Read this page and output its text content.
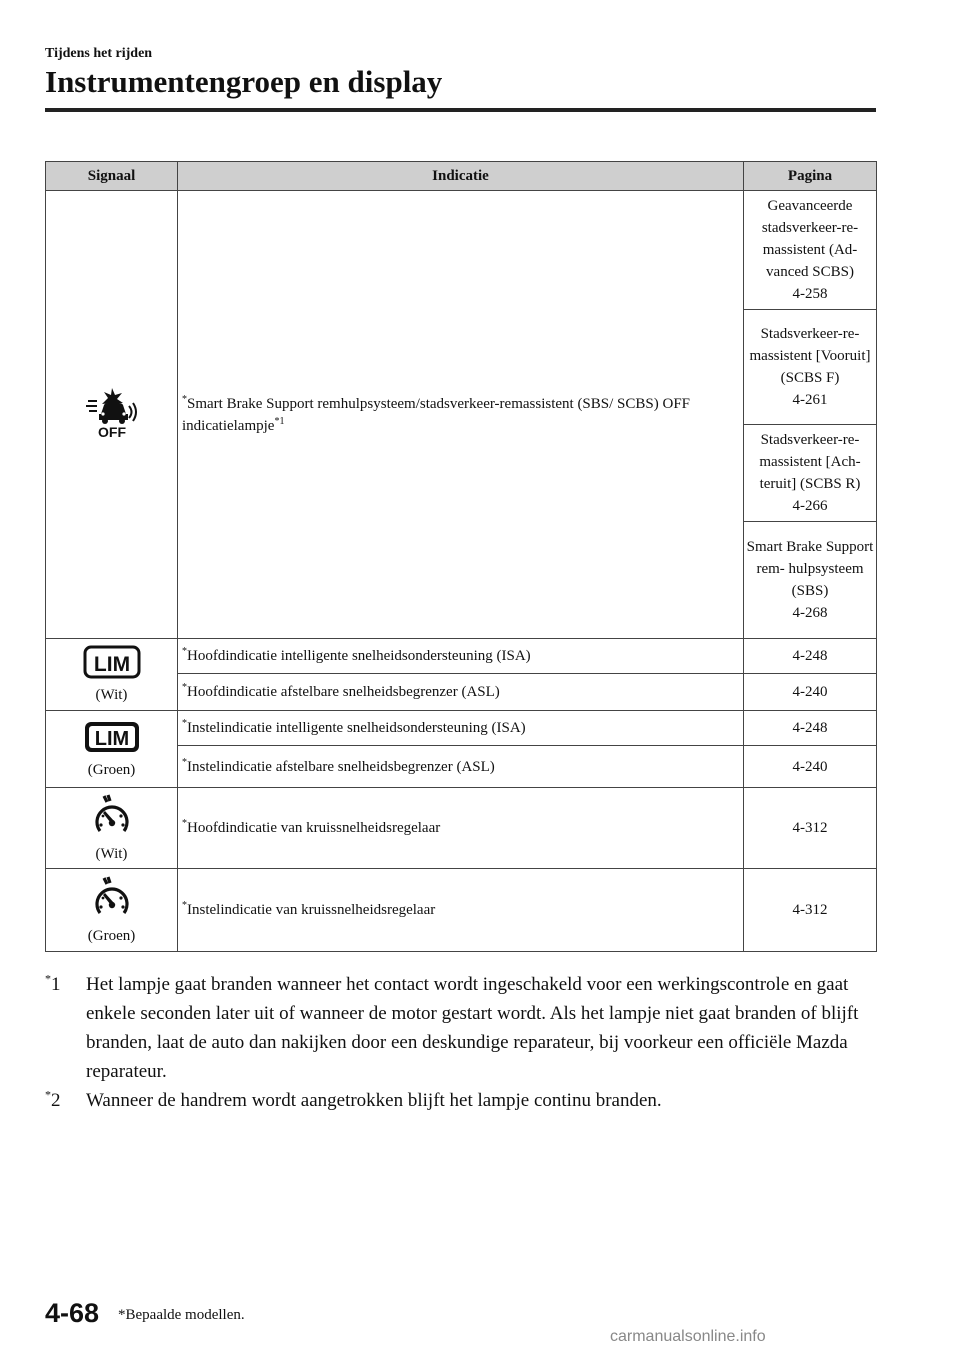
Tijdens het rijden
Instrumentengroep en display
Signaal	Indicatie	Pagina

OFF	*Smart Brake Support remhulpsysteem/stadsverkeer-remassistent (SBS/ SCBS) OFF indicatielampje$^{*1}$	Geavanceerde stadsverkeer-re- massistent (Ad- vanced SCBS)
4-258
		Stadsverkeer-re- massistent [Vooruit] (SCBS F)
4-261
		Stadsverkeer-re- massistent [Ach- teruit] (SCBS R)
4-266
		Smart Brake Support rem- hulpsysteem (SBS)
4-268

LIM
(Wit)	*Hoofdindicatie intelligente snelheidsondersteuning (ISA)	4-248
	*Hoofdindicatie afstelbare snelheidsbegrenzer (ASL)	4-240

LIM
(Groen)	*Instelindicatie intelligente snelheidsondersteuning (ISA)	4-248
	*Instelindicatie afstelbare snelheidsbegrenzer (ASL)	4-240

(Wit)	*Hoofdindicatie van kruissnelheidsregelaar	4-312

(Groen)	*Instelindicatie van kruissnelheidsregelaar	4-312
*1 Het lampje gaat branden wanneer het contact wordt ingeschakeld voor een werkingscontrole en gaat enkele seconden later uit of wanneer de motor gestart wordt. Als het lampje niet gaat branden of blijft branden, laat de auto dan nakijken door een deskundige reparateur, bij voorkeur een officiële Mazda reparateur.
*2 Wanneer de handrem wordt aangetrokken blijft het lampje continu branden.
4-68 *Bepaalde modellen.
carmanualsonline.info
